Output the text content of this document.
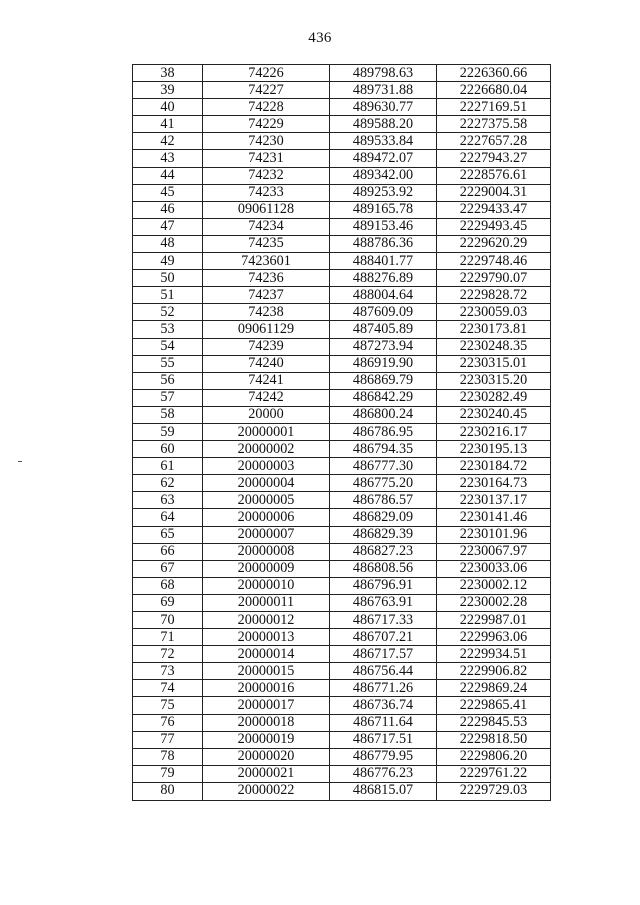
436
38	74226	489798.63	2226360.66
39	74227	489731.88	2226680.04
40	74228	489630.77	2227169.51
41	74229	489588.20	2227375.58
42	74230	489533.84	2227657.28
43	74231	489472.07	2227943.27
44	74232	489342.00	2228576.61
45	74233	489253.92	2229004.31
46	09061128	489165.78	2229433.47
47	74234	489153.46	2229493.45
48	74235	488786.36	2229620.29
49	7423601	488401.77	2229748.46
50	74236	488276.89	2229790.07
51	74237	488004.64	2229828.72
52	74238	487609.09	2230059.03
53	09061129	487405.89	2230173.81
54	74239	487273.94	2230248.35
55	74240	486919.90	2230315.01
56	74241	486869.79	2230315.20
57	74242	486842.29	2230282.49
58	20000	486800.24	2230240.45
59	20000001	486786.95	2230216.17
60	20000002	486794.35	2230195.13
61	20000003	486777.30	2230184.72
62	20000004	486775.20	2230164.73
63	20000005	486786.57	2230137.17
64	20000006	486829.09	2230141.46
65	20000007	486829.39	2230101.96
66	20000008	486827.23	2230067.97
67	20000009	486808.56	2230033.06
68	20000010	486796.91	2230002.12
69	20000011	486763.91	2230002.28
70	20000012	486717.33	2229987.01
71	20000013	486707.21	2229963.06
72	20000014	486717.57	2229934.51
73	20000015	486756.44	2229906.82
74	20000016	486771.26	2229869.24
75	20000017	486736.74	2229865.41
76	20000018	486711.64	2229845.53
77	20000019	486717.51	2229818.50
78	20000020	486779.95	2229806.20
79	20000021	486776.23	2229761.22
80	20000022	486815.07	2229729.03
